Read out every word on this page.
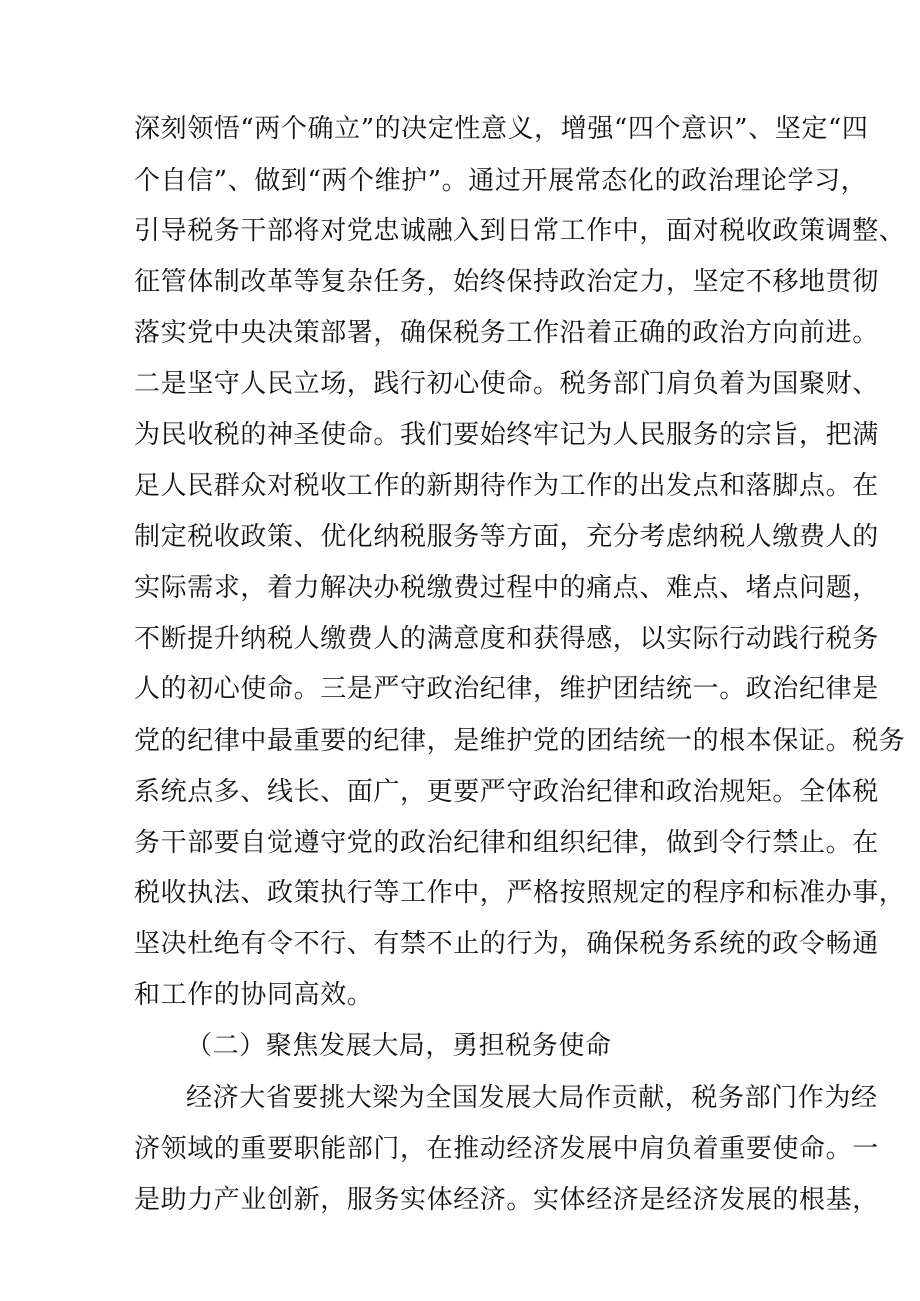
深刻领悟“两个确立”的决定性意义，增强“四个意识”、坚定“四
个自信”、做到“两个维护”。通过开展常态化的政治理论学习，
引导税务干部将对党忠诚融入到日常工作中，面对税收政策调整、
征管体制改革等复杂任务，始终保持政治定力，坚定不移地贯彻
落实党中央决策部署，确保税务工作沿着正确的政治方向前进。
二是坚守人民立场，践行初心使命。税务部门肩负着为国聚财、
为民收税的神圣使命。我们要始终牢记为人民服务的宗旨，把满
足人民群众对税收工作的新期待作为工作的出发点和落脚点。在
制定税收政策、优化纳税服务等方面，充分考虑纳税人缴费人的
实际需求，着力解决办税缴费过程中的痛点、难点、堵点问题，
不断提升纳税人缴费人的满意度和获得感，以实际行动践行税务
人的初心使命。三是严守政治纪律，维护团结统一。政治纪律是
党的纪律中最重要的纪律，是维护党的团结统一的根本保证。税务
系统点多、线长、面广，更要严守政治纪律和政治规矩。全体税
务干部要自觉遵守党的政治纪律和组织纪律，做到令行禁止。在
税收执法、政策执行等工作中，严格按照规定的程序和标准办事，
坚决杜绝有令不行、有禁不止的行为，确保税务系统的政令畅通
和工作的协同高效。
（二）聚焦发展大局，勇担税务使命
经济大省要挑大梁为全国发展大局作贡献，税务部门作为经
济领域的重要职能部门，在推动经济发展中肩负着重要使命。一
是助力产业创新，服务实体经济。实体经济是经济发展的根基，
